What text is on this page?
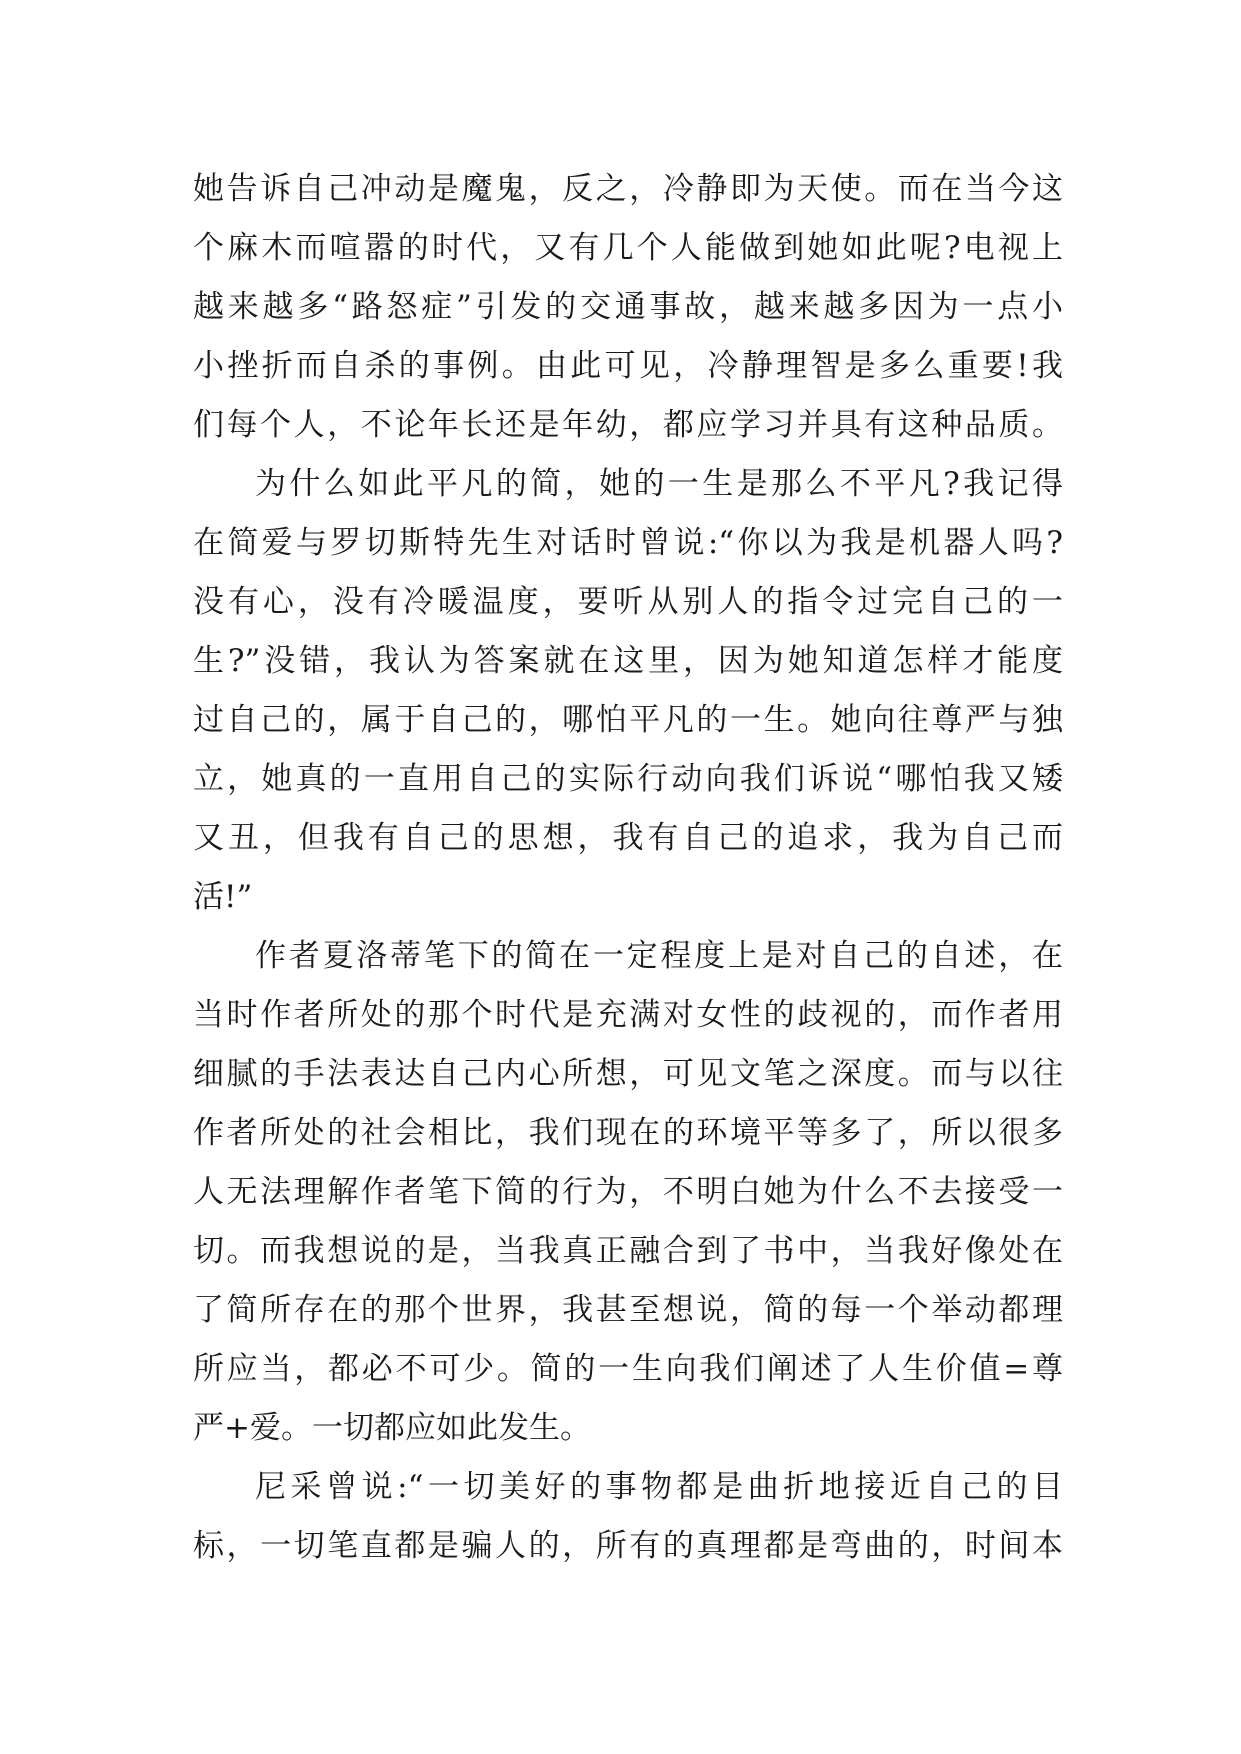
她告诉自己冲动是魔鬼，反之，冷静即为天使。而在当今这
个麻木而喧嚣的时代，又有几个人能做到她如此呢?电视上
越来越多“路怒症”引发的交通事故，越来越多因为一点小
小挫折而自杀的事例。由此可见，冷静理智是多么重要!我
们每个人，不论年长还是年幼，都应学习并具有这种品质。
为什么如此平凡的简，她的一生是那么不平凡?我记得
在简爱与罗切斯特先生对话时曾说:“你以为我是机器人吗?
没有心，没有冷暖温度，要听从别人的指令过完自己的一
生?”没错，我认为答案就在这里，因为她知道怎样才能度
过自己的，属于自己的，哪怕平凡的一生。她向往尊严与独
立，她真的一直用自己的实际行动向我们诉说“哪怕我又矮
又丑，但我有自己的思想，我有自己的追求，我为自己而
活!”
作者夏洛蒂笔下的简在一定程度上是对自己的自述，在
当时作者所处的那个时代是充满对女性的歧视的，而作者用
细腻的手法表达自己内心所想，可见文笔之深度。而与以往
作者所处的社会相比，我们现在的环境平等多了，所以很多
人无法理解作者笔下简的行为，不明白她为什么不去接受一
切。而我想说的是，当我真正融合到了书中，当我好像处在
了简所存在的那个世界，我甚至想说，简的每一个举动都理
所应当，都必不可少。简的一生向我们阐述了人生价值=尊
严+爱。一切都应如此发生。
尼采曾说:“一切美好的事物都是曲折地接近自己的目
标，一切笔直都是骗人的，所有的真理都是弯曲的，时间本
